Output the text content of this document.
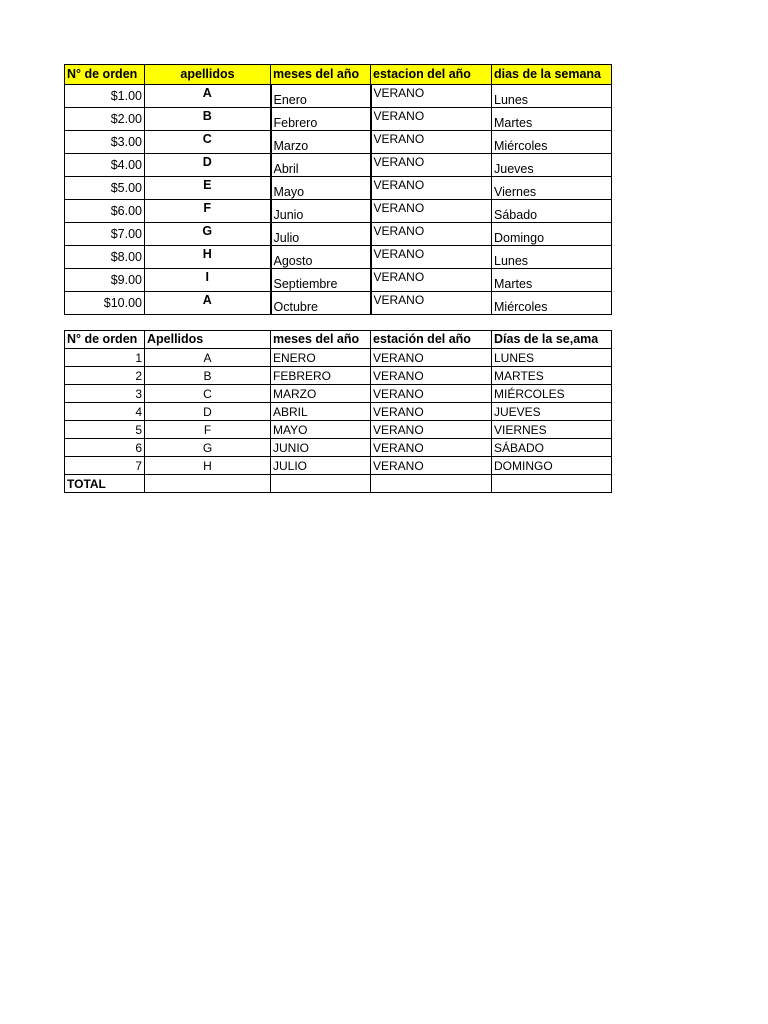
N° de orden	apellidos	meses del año	estacion del año	dias de la semana
$1.00	A	Enero	VERANO	Lunes
$2.00	B	Febrero	VERANO	Martes
$3.00	C	Marzo	VERANO	Miércoles
$4.00	D	Abril	VERANO	Jueves
$5.00	E	Mayo	VERANO	Viernes
$6.00	F	Junio	VERANO	Sábado
$7.00	G	Julio	VERANO	Domingo
$8.00	H	Agosto	VERANO	Lunes
$9.00	I	Septiembre	VERANO	Martes
$10.00	A	Octubre	VERANO	Miércoles
N° de orden	Apellidos	meses del año	estación del año	Días de la se,ama
1	A	ENERO	VERANO	LUNES
2	B	FEBRERO	VERANO	MARTES
3	C	MARZO	VERANO	MIÉRCOLES
4	D	ABRIL	VERANO	JUEVES
5	F	MAYO	VERANO	VIERNES
6	G	JUNIO	VERANO	SÁBADO
7	H	JULIO	VERANO	DOMINGO
TOTAL				
